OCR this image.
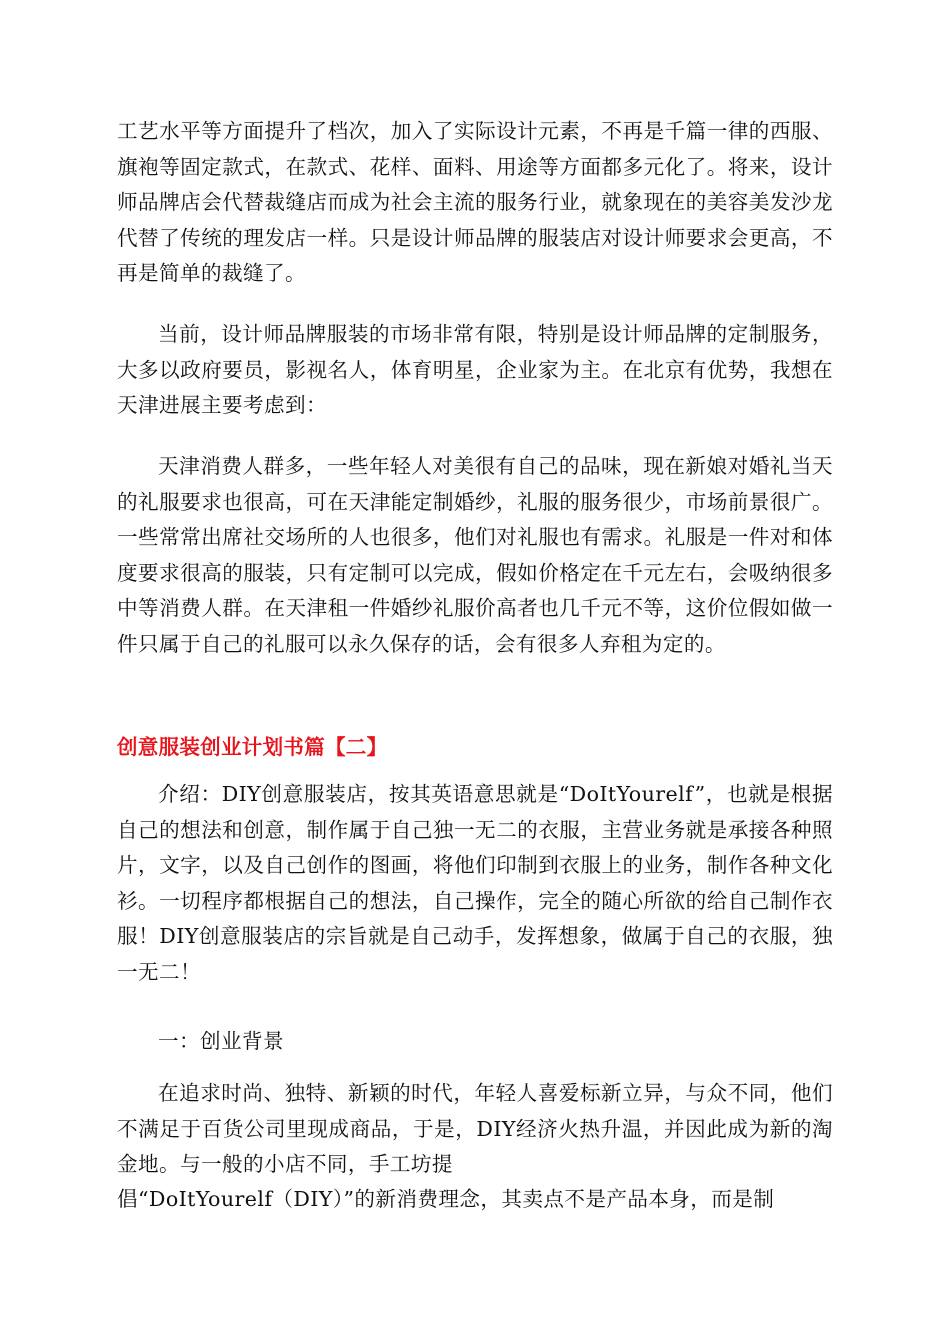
工艺水平等方面提升了档次，加入了实际设计元素，不再是千篇一律的西服、旗袍等固定款式，在款式、花样、面料、用途等方面都多元化了。将来，设计师品牌店会代替裁缝店而成为社会主流的服务行业，就象现在的美容美发沙龙代替了传统的理发店一样。只是设计师品牌的服装店对设计师要求会更高，不再是简单的裁缝了。

当前，设计师品牌服装的市场非常有限，特别是设计师品牌的定制服务，大多以政府要员，影视名人，体育明星，企业家为主。在北京有优势，我想在天津进展主要考虑到：

天津消费人群多，一些年轻人对美很有自己的品味，现在新娘对婚礼当天的礼服要求也很高，可在天津能定制婚纱，礼服的服务很少，市场前景很广。一些常常出席社交场所的人也很多，他们对礼服也有需求。礼服是一件对和体度要求很高的服装，只有定制可以完成，假如价格定在千元左右，会吸纳很多中等消费人群。在天津租一件婚纱礼服价高者也几千元不等，这价位假如做一件只属于自己的礼服可以永久保存的话，会有很多人弃租为定的。

创意服装创业计划书篇【二】

介绍：DIY创意服装店，按其英语意思就是“DoItYourelf”，也就是根据自己的想法和创意，制作属于自己独一无二的衣服，主营业务就是承接各种照片，文字，以及自己创作的图画，将他们印制到衣服上的业务，制作各种文化衫。一切程序都根据自己的想法，自己操作，完全的随心所欲的给自己制作衣服！DIY创意服装店的宗旨就是自己动手，发挥想象，做属于自己的衣服，独一无二！

一：创业背景

在追求时尚、独特、新颖的时代，年轻人喜爱标新立异，与众不同，他们不满足于百货公司里现成商品，于是，DIY经济火热升温，并因此成为新的淘金地。与一般的小店不同，手工坊提

倡“DoItYourelf（DIY）”的新消费理念，其卖点不是产品本身，而是制
